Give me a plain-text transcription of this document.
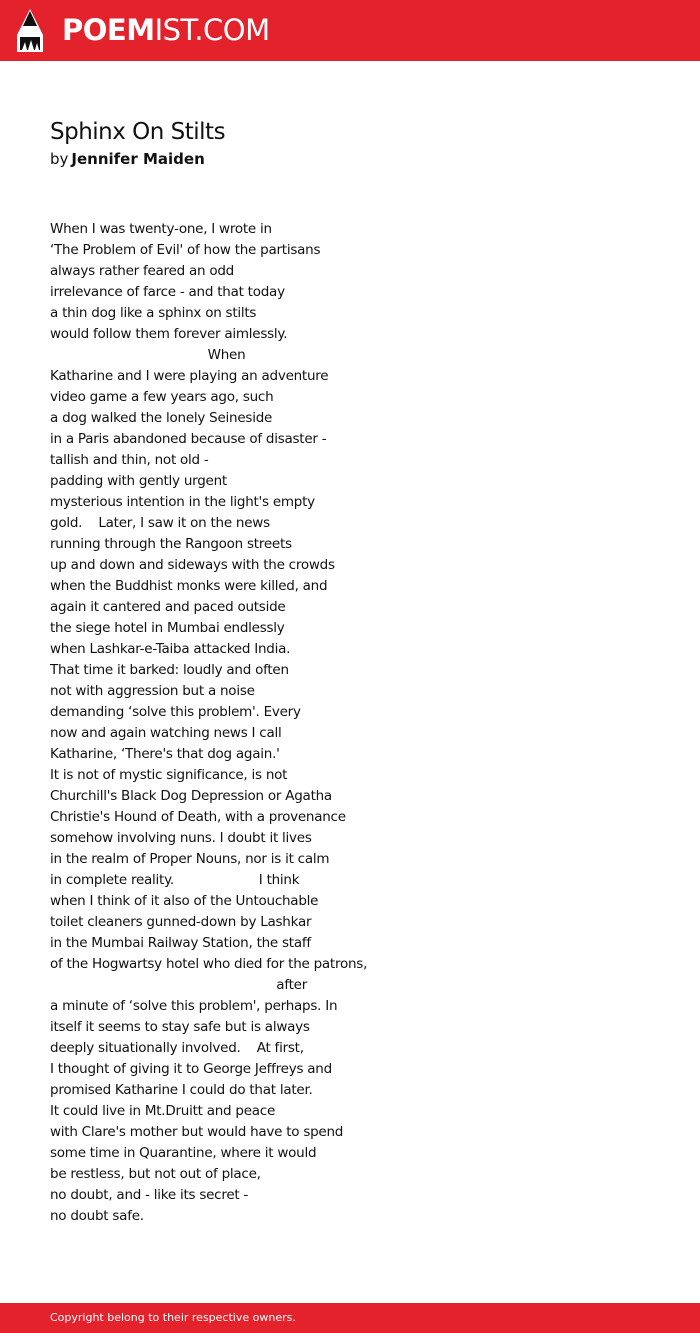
POEM IST.COM
Sphinx On Stilts
by Jennifer Maiden
When I was twenty-one, I wrote in
‘The Problem of Evil' of how the partisans
always rather feared an odd
irrelevance of farce - and that today
a thin dog like a sphinx on stilts
would follow them forever aimlessly.
When
Katharine and I were playing an adventure
video game a few years ago, such
a dog walked the lonely Seineside
in a Paris abandoned because of disaster -
tallish and thin, not old -
padding with gently urgent
mysterious intention in the light's empty
gold.    Later, I saw it on the news
running through the Rangoon streets
up and down and sideways with the crowds
when the Buddhist monks were killed, and
again it cantered and paced outside
the siege hotel in Mumbai endlessly
when Lashkar-e-Taiba attacked India.
That time it barked: loudly and often
not with aggression but a noise
demanding ‘solve this problem'. Every
now and again watching news I call
Katharine, ‘There's that dog again.'
It is not of mystic significance, is not
Churchill's Black Dog Depression or Agatha
Christie's Hound of Death, with a provenance
somehow involving nuns. I doubt it lives
in the realm of Proper Nouns, nor is it calm
in complete reality.                     I think
when I think of it also of the Untouchable
toilet cleaners gunned-down by Lashkar
in the Mumbai Railway Station, the staff
of the Hogwartsy hotel who died for the patrons,
after
a minute of ‘solve this problem', perhaps. In
itself it seems to stay safe but is always
deeply situationally involved.    At first,
I thought of giving it to George Jeffreys and
promised Katharine I could do that later.
It could live in Mt.Druitt and peace
with Clare's mother but would have to spend
some time in Quarantine, where it would
be restless, but not out of place,
no doubt, and - like its secret -
no doubt safe.
Copyright belong to their respective owners.
